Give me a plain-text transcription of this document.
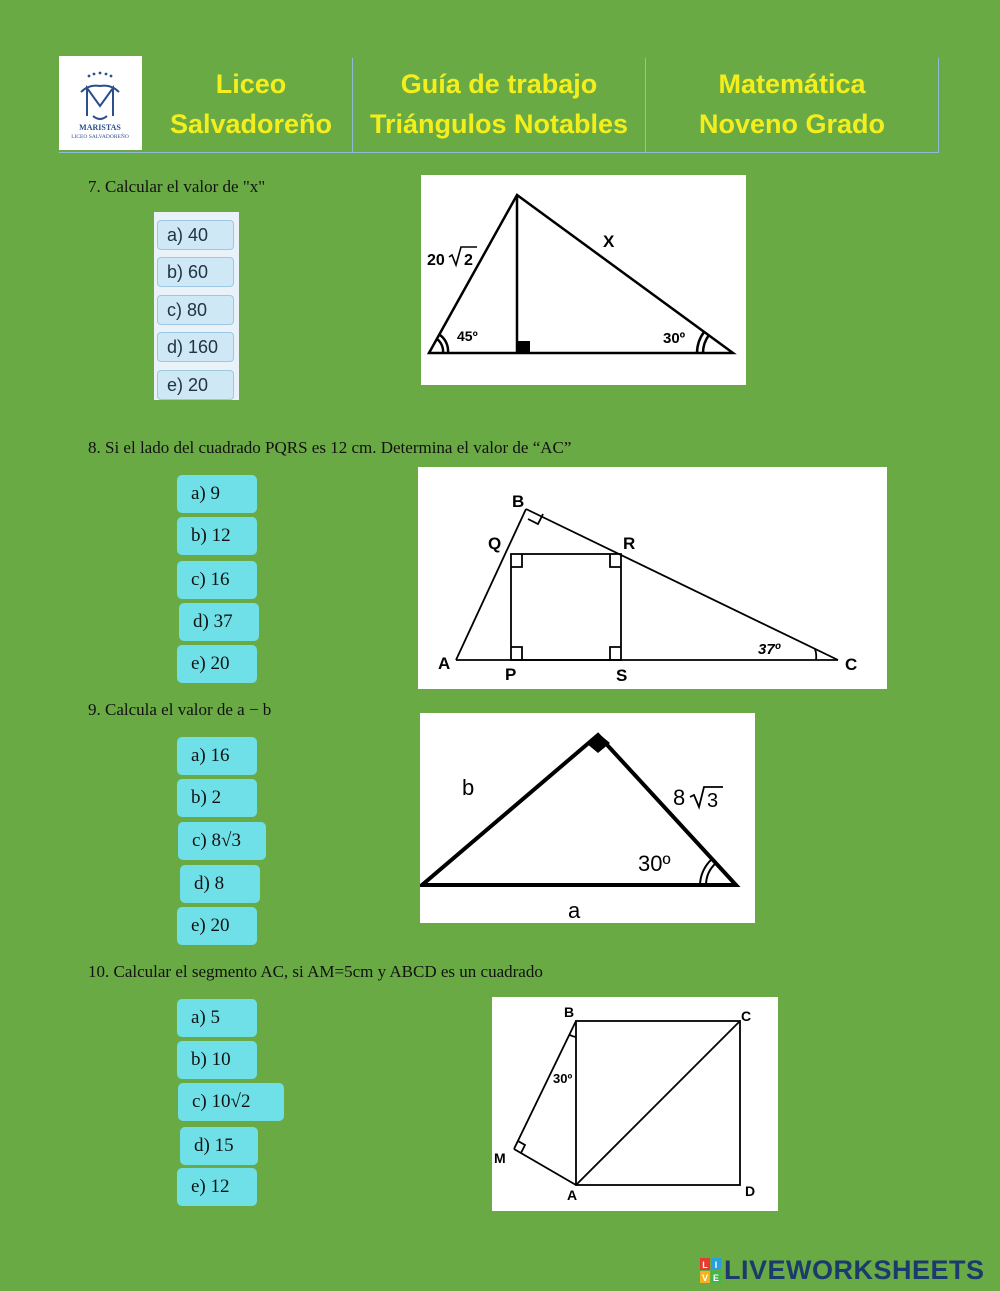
MARISTAS
LICEO SALVADOREÑO
Liceo
Salvadoreño
Guía de trabajo
Triángulos Notables
Matemática
Noveno Grado
7. Calcular el valor de "x"
a) 40
b) 60
c) 80
d) 160
e) 20
20 2
X
45º	30º
8. Si el lado del cuadrado PQRS es 12 cm. Determina el valor de “AC”
a) 9
b) 12
c) 16
d) 37
e) 20
B
Q	R
A
P	S
C
37º
9. Calcula el valor de a − b
a) 16
b) 2
c) 8√3
d) 8
e) 20
b
a
8 3
30º
10. Calcular el segmento AC, si AM=5cm y ABCD es un cuadrado
a) 5
b) 10
c) 10√2
d) 15
e) 12
B	C
M
A	D
30º
L I
V E LIVEWORKSHEETS
